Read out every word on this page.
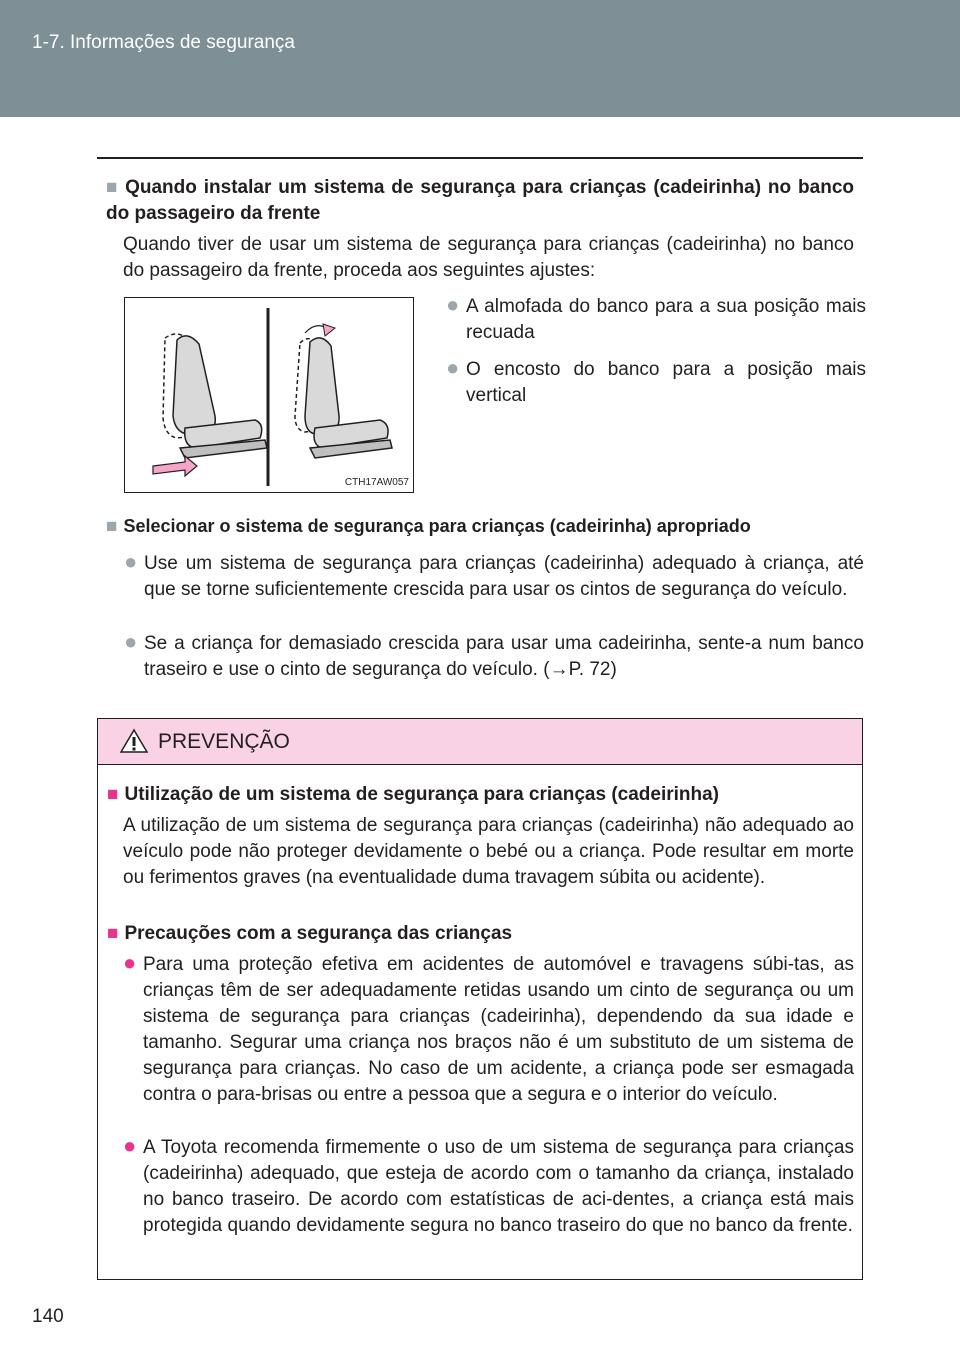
1-7. Informações de segurança
■ Quando instalar um sistema de segurança para crianças (cadeirinha) no banco do passageiro da frente
Quando tiver de usar um sistema de segurança para crianças (cadeirinha) no banco do passageiro da frente, proceda aos seguintes ajustes:
CTH17AW057
● A almofada do banco para a sua posição mais recuada
● O encosto do banco para a posição mais vertical
■ Selecionar o sistema de segurança para crianças (cadeirinha) apropriado
● Use um sistema de segurança para crianças (cadeirinha) adequado à criança, até que se torne suficientemente crescida para usar os cintos de segurança do veículo.
● Se a criança for demasiado crescida para usar uma cadeirinha, sente-a num banco traseiro e use o cinto de segurança do veículo. (→P. 72)
PREVENÇÃO
■ Utilização de um sistema de segurança para crianças (cadeirinha)
A utilização de um sistema de segurança para crianças (cadeirinha) não adequado ao veículo pode não proteger devidamente o bebé ou a criança. Pode resultar em morte ou ferimentos graves (na eventualidade duma travagem súbita ou acidente).
■ Precauções com a segurança das crianças
● Para uma proteção efetiva em acidentes de automóvel e travagens súbi-tas, as crianças têm de ser adequadamente retidas usando um cinto de segurança ou um sistema de segurança para crianças (cadeirinha), dependendo da sua idade e tamanho. Segurar uma criança nos braços não é um substituto de um sistema de segurança para crianças. No caso de um acidente, a criança pode ser esmagada contra o para-brisas ou entre a pessoa que a segura e o interior do veículo.
● A Toyota recomenda firmemente o uso de um sistema de segurança para crianças (cadeirinha) adequado, que esteja de acordo com o tamanho da criança, instalado no banco traseiro. De acordo com estatísticas de aci-dentes, a criança está mais protegida quando devidamente segura no banco traseiro do que no banco da frente.
140
